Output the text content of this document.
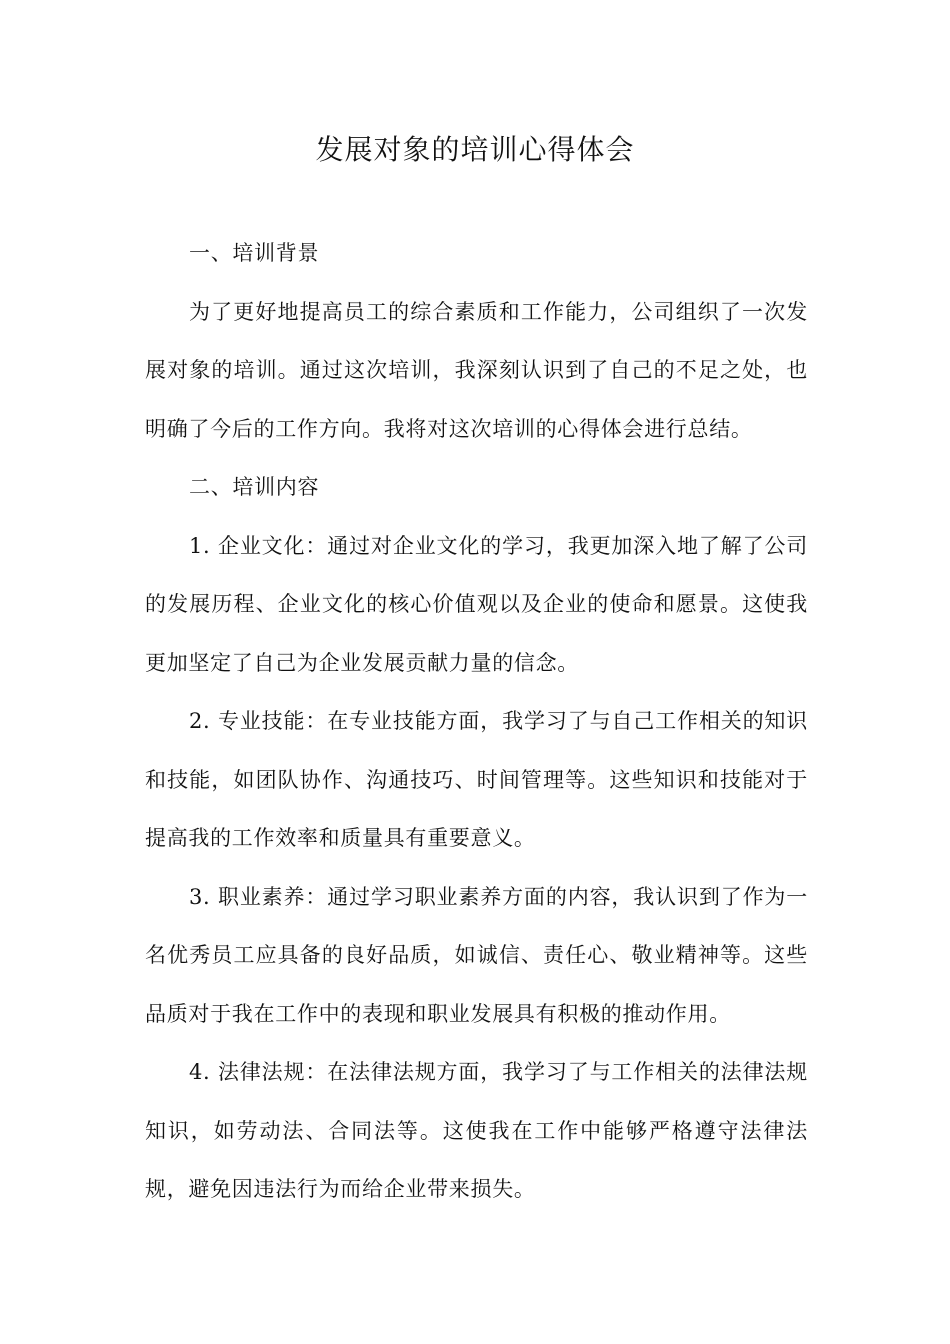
发展对象的培训心得体会

一、培训背景

为了更好地提高员工的综合素质和工作能力，公司组织了一次发展对象的培训。通过这次培训，我深刻认识到了自己的不足之处，也明确了今后的工作方向。我将对这次培训的心得体会进行总结。

二、培训内容

1. 企业文化：通过对企业文化的学习，我更加深入地了解了公司的发展历程、企业文化的核心价值观以及企业的使命和愿景。这使我更加坚定了自己为企业发展贡献力量的信念。

2. 专业技能：在专业技能方面，我学习了与自己工作相关的知识和技能，如团队协作、沟通技巧、时间管理等。这些知识和技能对于提高我的工作效率和质量具有重要意义。

3. 职业素养：通过学习职业素养方面的内容，我认识到了作为一名优秀员工应具备的良好品质，如诚信、责任心、敬业精神等。这些品质对于我在工作中的表现和职业发展具有积极的推动作用。

4. 法律法规：在法律法规方面，我学习了与工作相关的法律法规知识，如劳动法、合同法等。这使我在工作中能够严格遵守法律法规，避免因违法行为而给企业带来损失。
